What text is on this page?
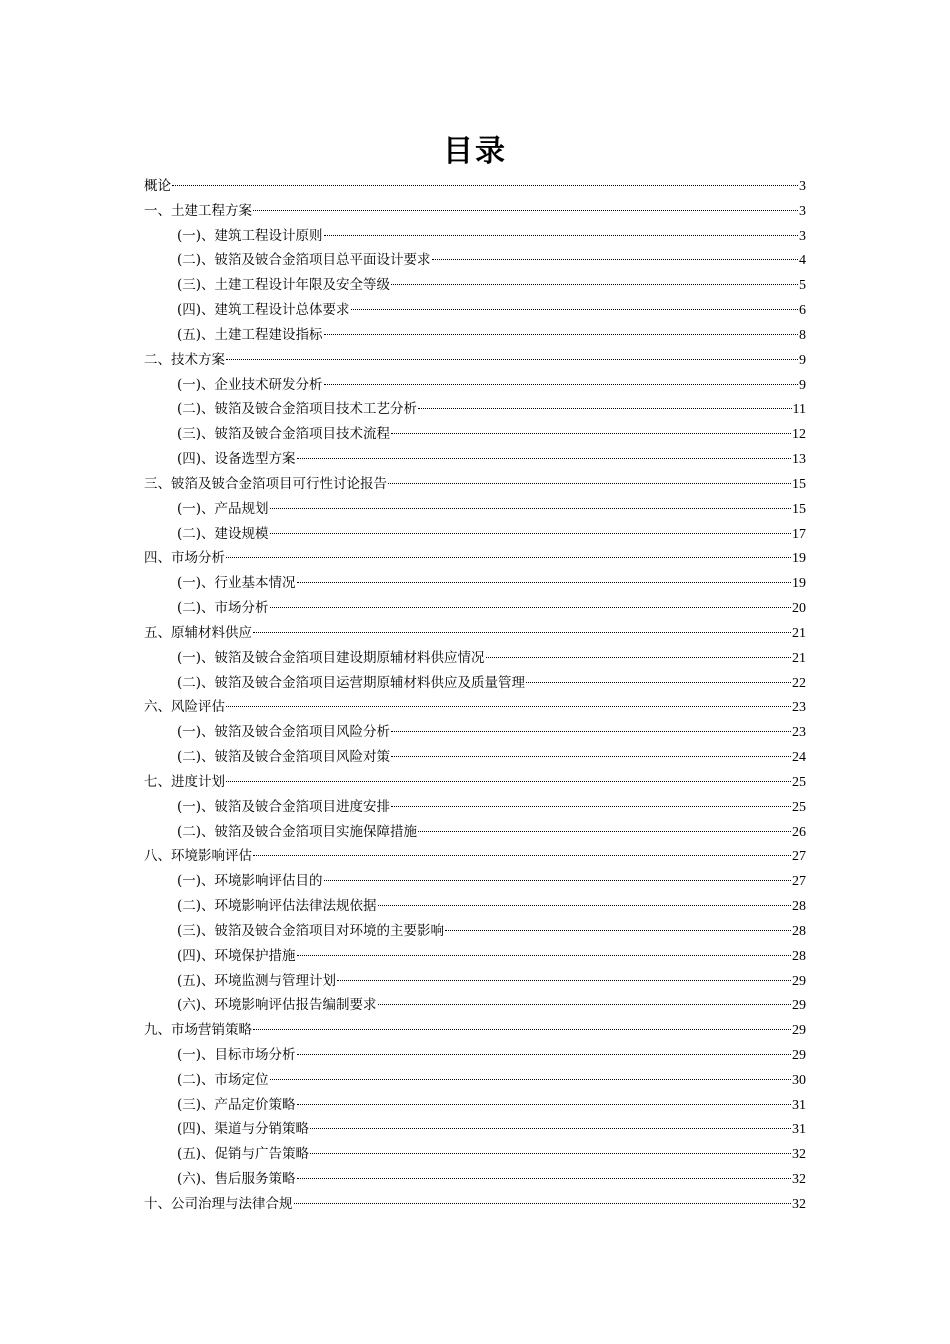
目录
概论	3
一、土建工程方案	3
(一)、建筑工程设计原则	3
(二)、铍箔及铍合金箔项目总平面设计要求	4
(三)、土建工程设计年限及安全等级	5
(四)、建筑工程设计总体要求	6
(五)、土建工程建设指标	8
二、技术方案	9
(一)、企业技术研发分析	9
(二)、铍箔及铍合金箔项目技术工艺分析	11
(三)、铍箔及铍合金箔项目技术流程	12
(四)、设备选型方案	13
三、铍箔及铍合金箔项目可行性讨论报告	15
(一)、产品规划	15
(二)、建设规模	17
四、市场分析	19
(一)、行业基本情况	19
(二)、市场分析	20
五、原辅材料供应	21
(一)、铍箔及铍合金箔项目建设期原辅材料供应情况	21
(二)、铍箔及铍合金箔项目运营期原辅材料供应及质量管理	22
六、风险评估	23
(一)、铍箔及铍合金箔项目风险分析	23
(二)、铍箔及铍合金箔项目风险对策	24
七、进度计划	25
(一)、铍箔及铍合金箔项目进度安排	25
(二)、铍箔及铍合金箔项目实施保障措施	26
八、环境影响评估	27
(一)、环境影响评估目的	27
(二)、环境影响评估法律法规依据	28
(三)、铍箔及铍合金箔项目对环境的主要影响	28
(四)、环境保护措施	28
(五)、环境监测与管理计划	29
(六)、环境影响评估报告编制要求	29
九、市场营销策略	29
(一)、目标市场分析	29
(二)、市场定位	30
(三)、产品定价策略	31
(四)、渠道与分销策略	31
(五)、促销与广告策略	32
(六)、售后服务策略	32
十、公司治理与法律合规	32
